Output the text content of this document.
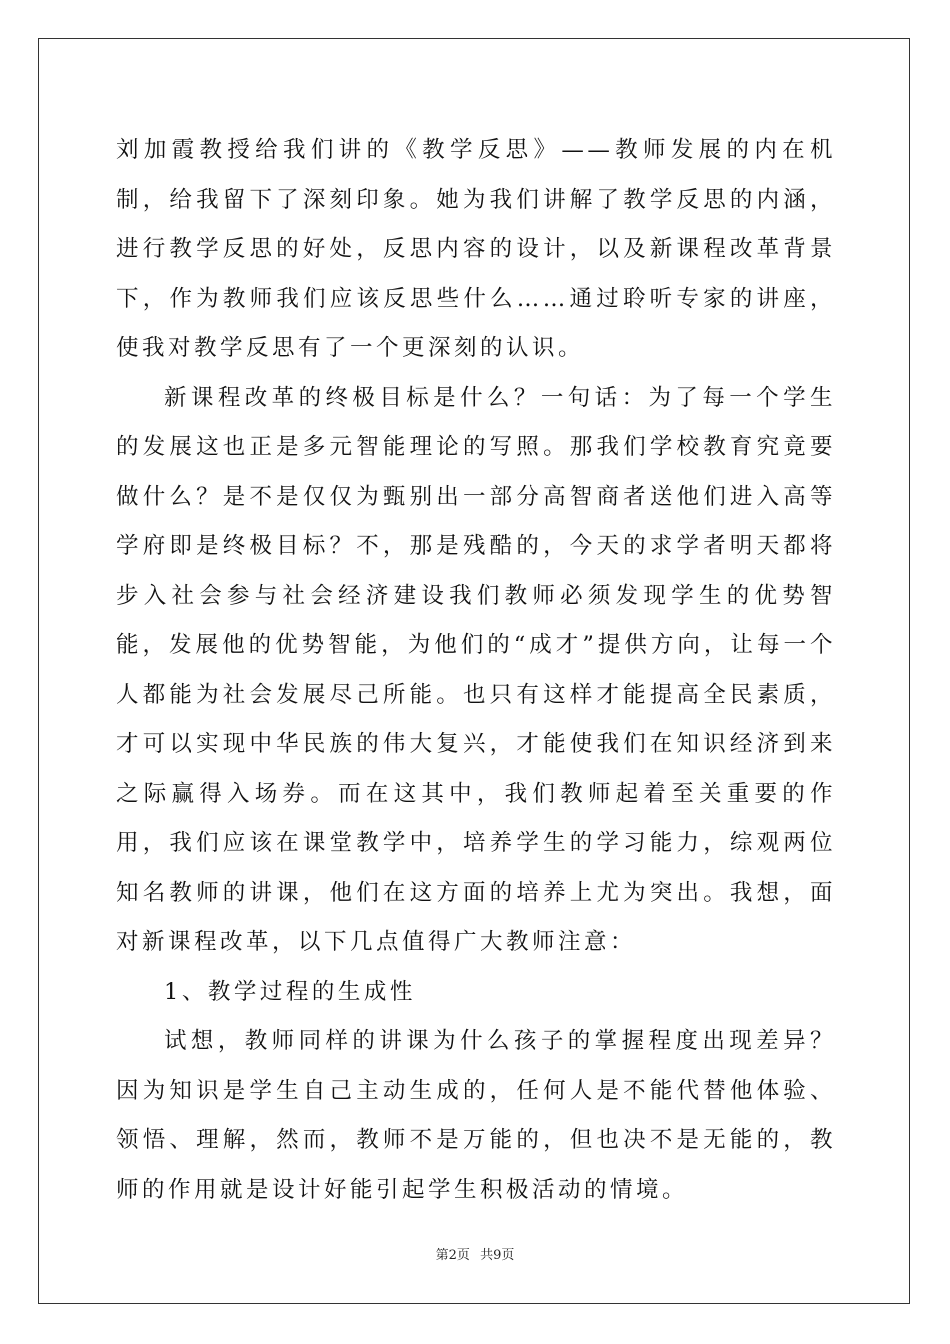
刘加霞教授给我们讲的《教学反思》——教师发展的内在机制，给我留下了深刻印象。她为我们讲解了教学反思的内涵，进行教学反思的好处，反思内容的设计，以及新课程改革背景下，作为教师我们应该反思些什么……通过聆听专家的讲座，使我对教学反思有了一个更深刻的认识。

新课程改革的终极目标是什么？一句话：为了每一个学生的发展这也正是多元智能理论的写照。那我们学校教育究竟要做什么？是不是仅仅为甄别出一部分高智商者送他们进入高等学府即是终极目标？不，那是残酷的，今天的求学者明天都将步入社会参与社会经济建设我们教师必须发现学生的优势智能，发展他的优势智能，为他们的“成才”提供方向，让每一个人都能为社会发展尽己所能。也只有这样才能提高全民素质，才可以实现中华民族的伟大复兴，才能使我们在知识经济到来之际赢得入场券。而在这其中，我们教师起着至关重要的作用，我们应该在课堂教学中，培养学生的学习能力，综观两位知名教师的讲课，他们在这方面的培养上尤为突出。我想，面对新课程改革，以下几点值得广大教师注意：

1、教学过程的生成性

试想，教师同样的讲课为什么孩子的掌握程度出现差异？因为知识是学生自己主动生成的，任何人是不能代替他体验、领悟、理解，然而，教师不是万能的，但也决不是无能的，教师的作用就是设计好能引起学生积极活动的情境。

第2页 共9页
